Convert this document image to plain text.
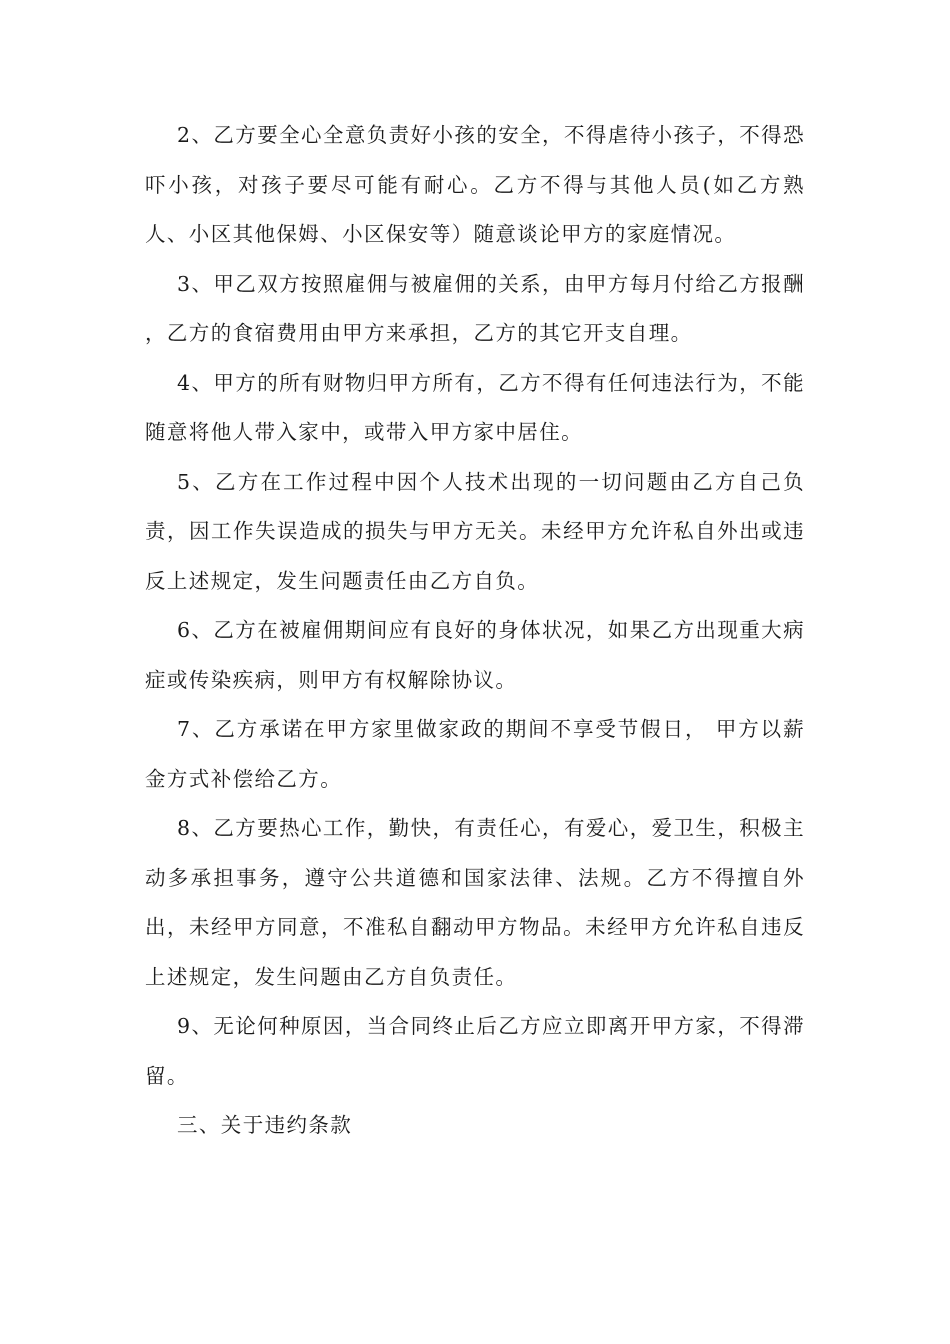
2、乙方要全心全意负责好小孩的安全，不得虐待小孩子，不得恐吓小孩，对孩子要尽可能有耐心。乙方不得与其他人员(如乙方熟人、小区其他保姆、小区保安等）随意谈论甲方的家庭情况。

3、甲乙双方按照雇佣与被雇佣的关系，由甲方每月付给乙方报酬 ，乙方的食宿费用由甲方来承担，乙方的其它开支自理。

4、甲方的所有财物归甲方所有，乙方不得有任何违法行为，不能随意将他人带入家中，或带入甲方家中居住。

5、乙方在工作过程中因个人技术出现的一切问题由乙方自己负责，因工作失误造成的损失与甲方无关。未经甲方允许私自外出或违反上述规定，发生问题责任由乙方自负。

6、乙方在被雇佣期间应有良好的身体状况，如果乙方出现重大病症或传染疾病，则甲方有权解除协议。

7、乙方承诺在甲方家里做家政的期间不享受节假日， 甲方以薪金方式补偿给乙方。

8、乙方要热心工作，勤快，有责任心，有爱心，爱卫生，积极主动多承担事务，遵守公共道德和国家法律、法规。乙方不得擅自外出，未经甲方同意，不准私自翻动甲方物品。未经甲方允许私自违反上述规定，发生问题由乙方自负责任。

9、无论何种原因，当合同终止后乙方应立即离开甲方家，不得滞留。

三、关于违约条款
